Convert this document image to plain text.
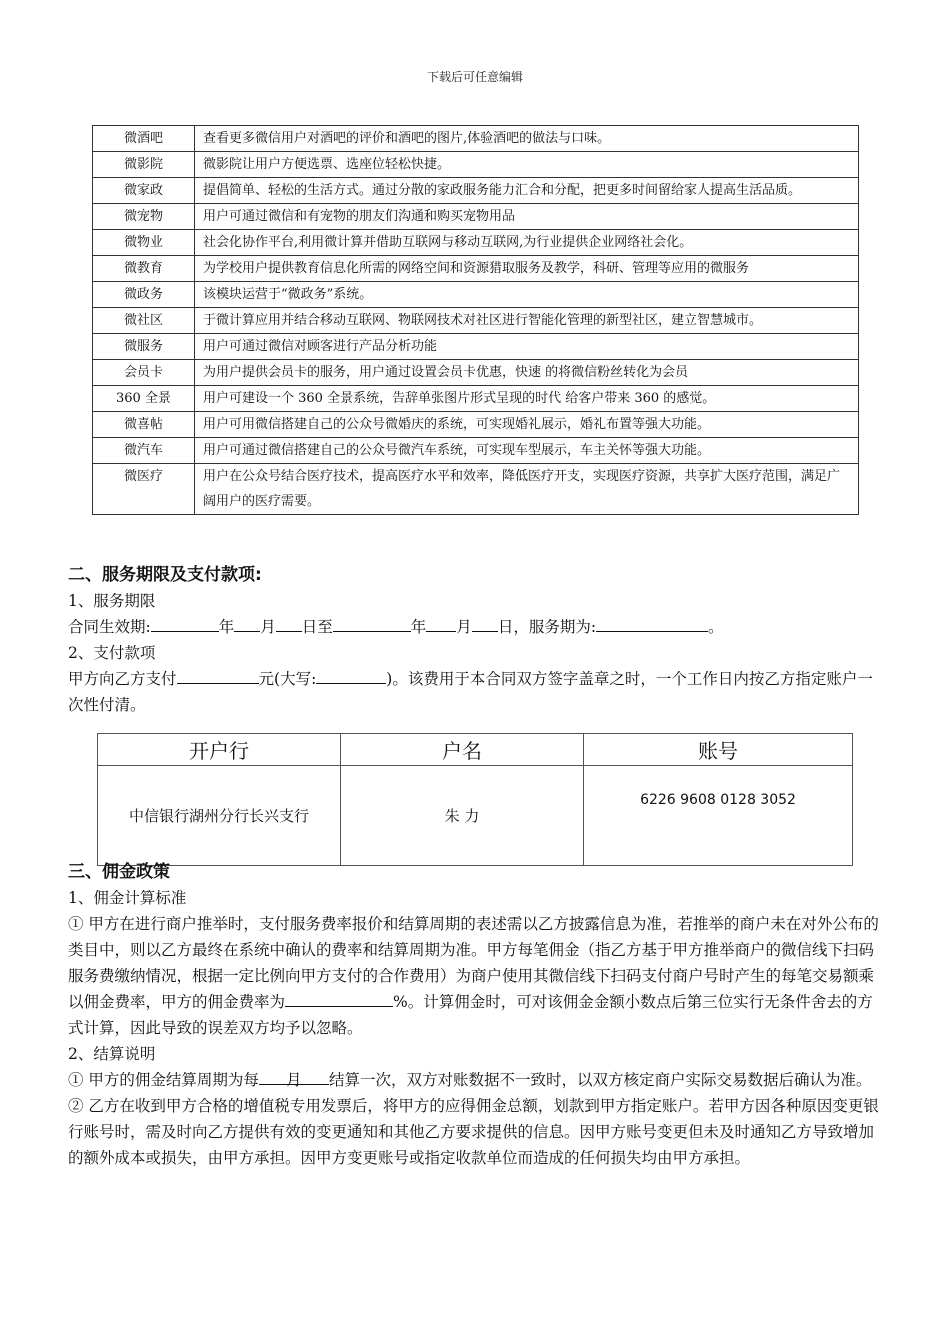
下载后可任意编辑
微酒吧	查看更多微信用户对酒吧的评价和酒吧的图片,体验酒吧的做法与口味。
微影院	微影院让用户方便选票、选座位轻松快捷。
微家政	提倡简单、轻松的生活方式。通过分散的家政服务能力汇合和分配，把更多时间留给家人提高生活品质。
微宠物	用户可通过微信和有宠物的朋友们沟通和购买宠物用品
微物业	社会化协作平台,利用微计算并借助互联网与移动互联网,为行业提供企业网络社会化。
微教育	为学校用户提供教育信息化所需的网络空间和资源猎取服务及教学，科研、管理等应用的微服务
微政务	该模块运营于“微政务”系统。
微社区	于微计算应用并结合移动互联网、物联网技术对社区进行智能化管理的新型社区，建立智慧城市。
微服务	用户可通过微信对顾客进行产品分析功能
会员卡	为用户提供会员卡的服务，用户通过设置会员卡优惠，快速 的将微信粉丝转化为会员
360 全景	用户可建设一个 360 全景系统，告辞单张图片形式呈现的时代 给客户带来 360 的感觉。
微喜帖	用户可用微信搭建自己的公众号微婚庆的系统，可实现婚礼展示，婚礼布置等强大功能。
微汽车	用户可通过微信搭建自己的公众号微汽车系统，可实现车型展示，车主关怀等强大功能。
微医疗	用户在公众号结合医疗技术，提高医疗水平和效率，降低医疗开支，实现医疗资源，共享扩大医疗范围，满足广阔用户的医疗需要。

二、服务期限及支付款项:

1、服务期限

合同生效期:	年 月 日至	年 月 日，服务期为:	。

2、支付款项

甲方向乙方支付	元(大写:	)。该费用于本合同双方签字盖章之时，一个工作日内按乙方指定账户一次性付清。

开户行	户名	账号
中信银行湖州分行长兴支行	朱 力	6226 9608 0128 3052

三、佣金政策

1、佣金计算标准

① 甲方在进行商户推举时，支付服务费率报价和结算周期的表述需以乙方披露信息为准，若推举的商户未在对外公布的类目中，则以乙方最终在系统中确认的费率和结算周期为准。甲方每笔佣金（指乙方基于甲方推举商户的微信线下扫码服务费缴纳情况，根据一定比例向甲方支付的合作费用）为商户使用其微信线下扫码支付商户号时产生的每笔交易额乘以佣金费率，甲方的佣金费率为	%。计算佣金时，可对该佣金金额小数点后第三位实行无条件舍去的方式计算，因此导致的误差双方均予以忽略。

2、结算说明

① 甲方的佣金结算周期为每 月 结算一次，双方对账数据不一致时，以双方核定商户实际交易数据后确认为准。

② 乙方在收到甲方合格的增值税专用发票后，将甲方的应得佣金总额，划款到甲方指定账户。若甲方因各种原因变更银行账号时，需及时向乙方提供有效的变更通知和其他乙方要求提供的信息。因甲方账号变更但未及时通知乙方导致增加的额外成本或损失，由甲方承担。因甲方变更账号或指定收款单位而造成的任何损失均由甲方承担。
